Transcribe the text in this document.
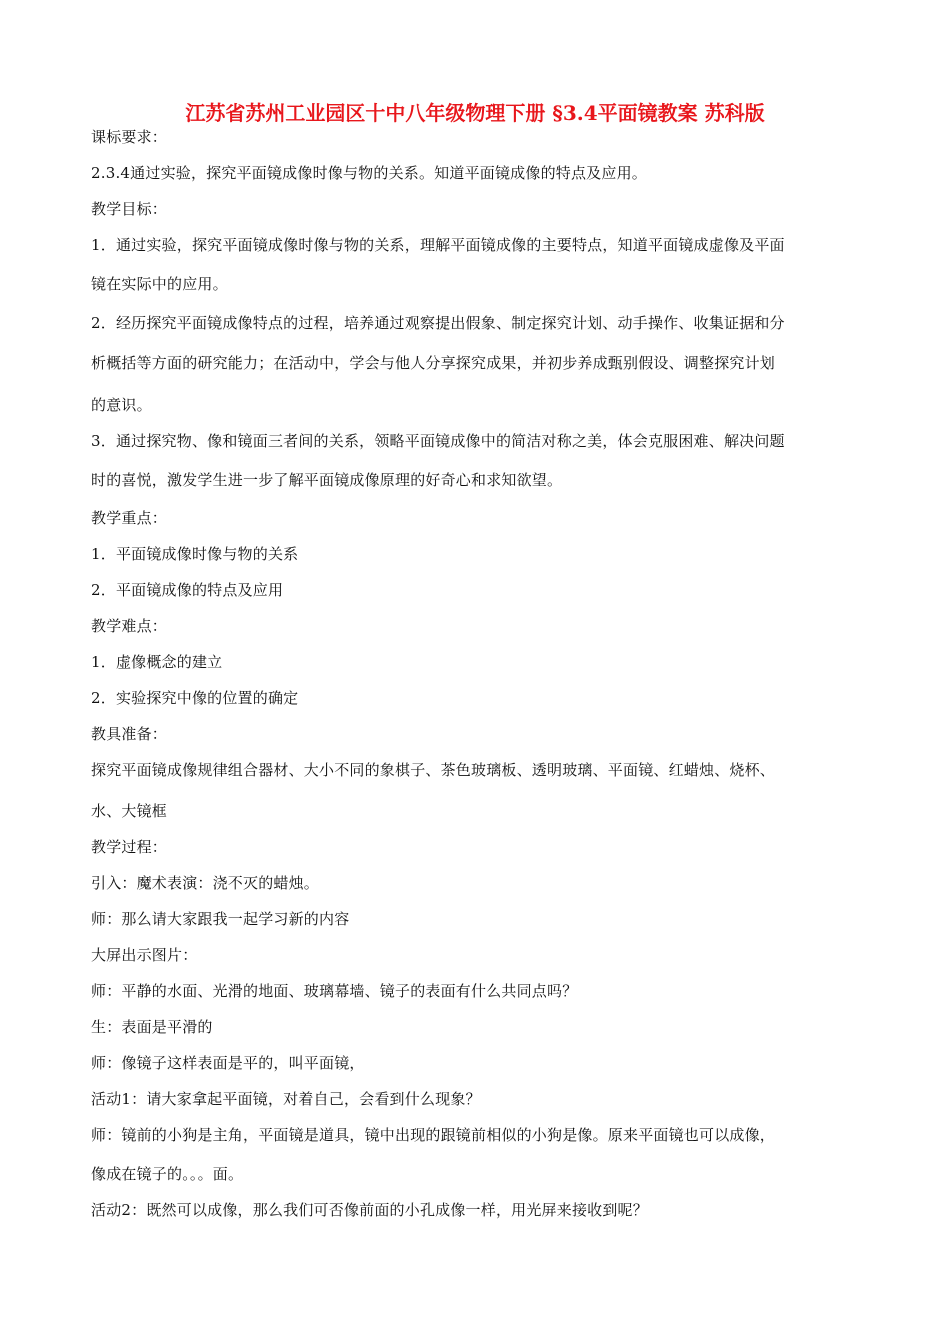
江苏省苏州工业园区十中八年级物理下册 §3.4平面镜教案 苏科版
课标要求：
2.3.4通过实验，探究平面镜成像时像与物的关系。知道平面镜成像的特点及应用。
教学目标：
1．通过实验，探究平面镜成像时像与物的关系，理解平面镜成像的主要特点，知道平面镜成虚像及平面
镜在实际中的应用。
2．经历探究平面镜成像特点的过程，培养通过观察提出假象、制定探究计划、动手操作、收集证据和分
析概括等方面的研究能力；在活动中，学会与他人分享探究成果，并初步养成甄别假设、调整探究计划
的意识。
3．通过探究物、像和镜面三者间的关系，领略平面镜成像中的简洁对称之美，体会克服困难、解决问题
时的喜悦，激发学生进一步了解平面镜成像原理的好奇心和求知欲望。
教学重点：
1．平面镜成像时像与物的关系
2．平面镜成像的特点及应用
教学难点：
1．虚像概念的建立
2．实验探究中像的位置的确定
教具准备：
探究平面镜成像规律组合器材、大小不同的象棋子、茶色玻璃板、透明玻璃、平面镜、红蜡烛、烧杯、
水、大镜框
教学过程：
引入：魔术表演：浇不灭的蜡烛。
师：那么请大家跟我一起学习新的内容
大屏出示图片：
师：平静的水面、光滑的地面、玻璃幕墙、镜子的表面有什么共同点吗？
生：表面是平滑的
师：像镜子这样表面是平的，叫平面镜，
活动1：请大家拿起平面镜，对着自己，会看到什么现象？
师：镜前的小狗是主角，平面镜是道具，镜中出现的跟镜前相似的小狗是像。原来平面镜也可以成像，
像成在镜子的。。。面。
活动2：既然可以成像，那么我们可否像前面的小孔成像一样，用光屏来接收到呢？
